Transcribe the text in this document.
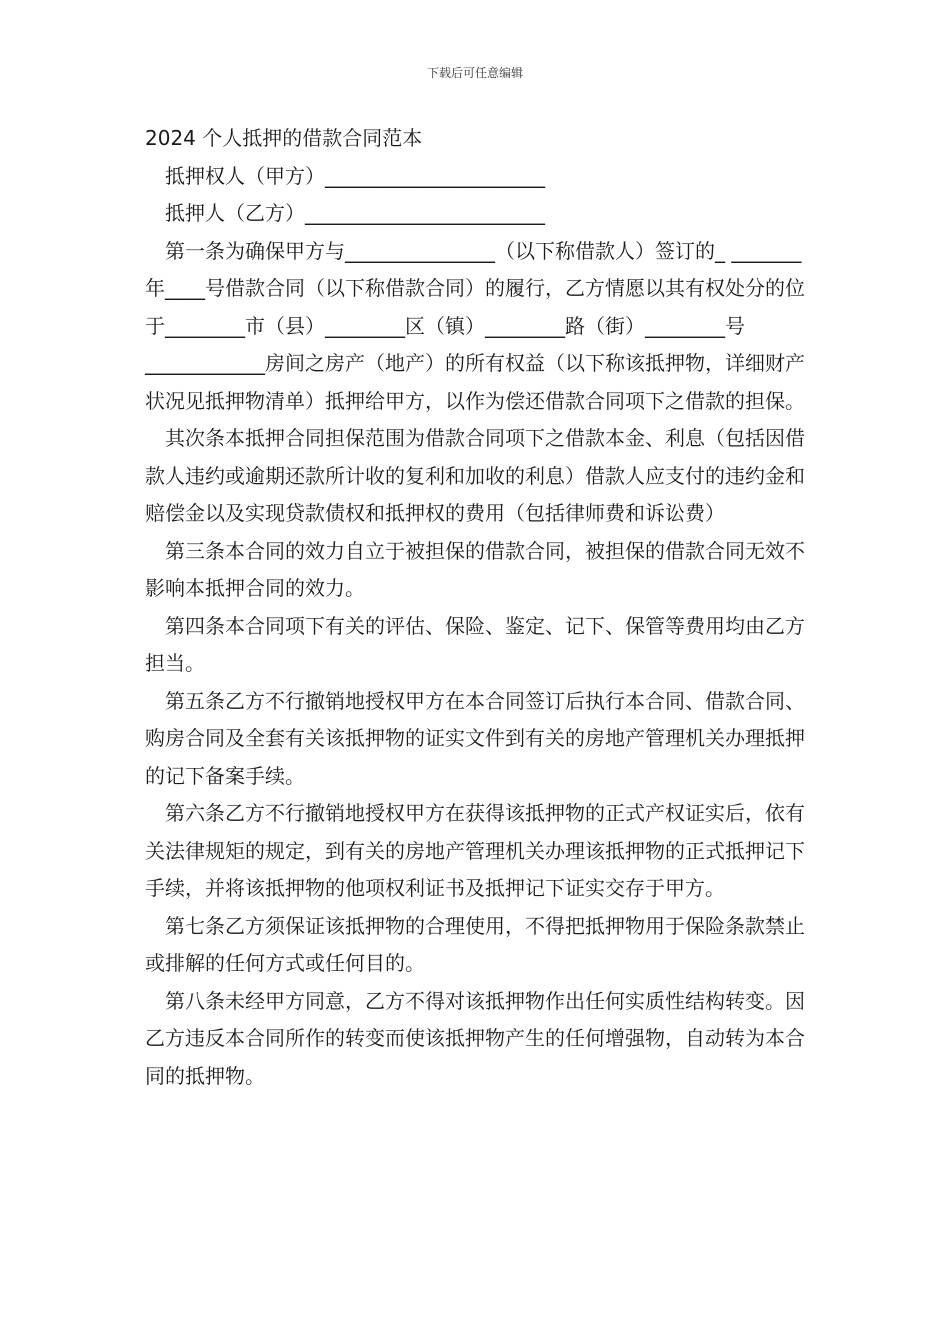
下载后可任意编辑

2024 个人抵押的借款合同范本

抵押权人（甲方）______________________

抵押人（乙方）________________________

第一条为确保甲方与_______________（以下称借款人）签订的_ _______年____号借款合同（以下称借款合同）的履行，乙方情愿以其有权处分的位于________市（县）________区（镇）________路（街）________号____________房间之房产（地产）的所有权益（以下称该抵押物，详细财产状况见抵押物清单）抵押给甲方，以作为偿还借款合同项下之借款的担保。

其次条本抵押合同担保范围为借款合同项下之借款本金、利息（包括因借款人违约或逾期还款所计收的复利和加收的利息）借款人应支付的违约金和赔偿金以及实现贷款债权和抵押权的费用（包括律师费和诉讼费）

第三条本合同的效力自立于被担保的借款合同，被担保的借款合同无效不影响本抵押合同的效力。

第四条本合同项下有关的评估、保险、鉴定、记下、保管等费用均由乙方担当。

第五条乙方不行撤销地授权甲方在本合同签订后执行本合同、借款合同、购房合同及全套有关该抵押物的证实文件到有关的房地产管理机关办理抵押的记下备案手续。

第六条乙方不行撤销地授权甲方在获得该抵押物的正式产权证实后，依有关法律规矩的规定，到有关的房地产管理机关办理该抵押物的正式抵押记下手续，并将该抵押物的他项权利证书及抵押记下证实交存于甲方。

第七条乙方须保证该抵押物的合理使用，不得把抵押物用于保险条款禁止或排解的任何方式或任何目的。

第八条未经甲方同意，乙方不得对该抵押物作出任何实质性结构转变。因乙方违反本合同所作的转变而使该抵押物产生的任何增强物，自动转为本合同的抵押物。
